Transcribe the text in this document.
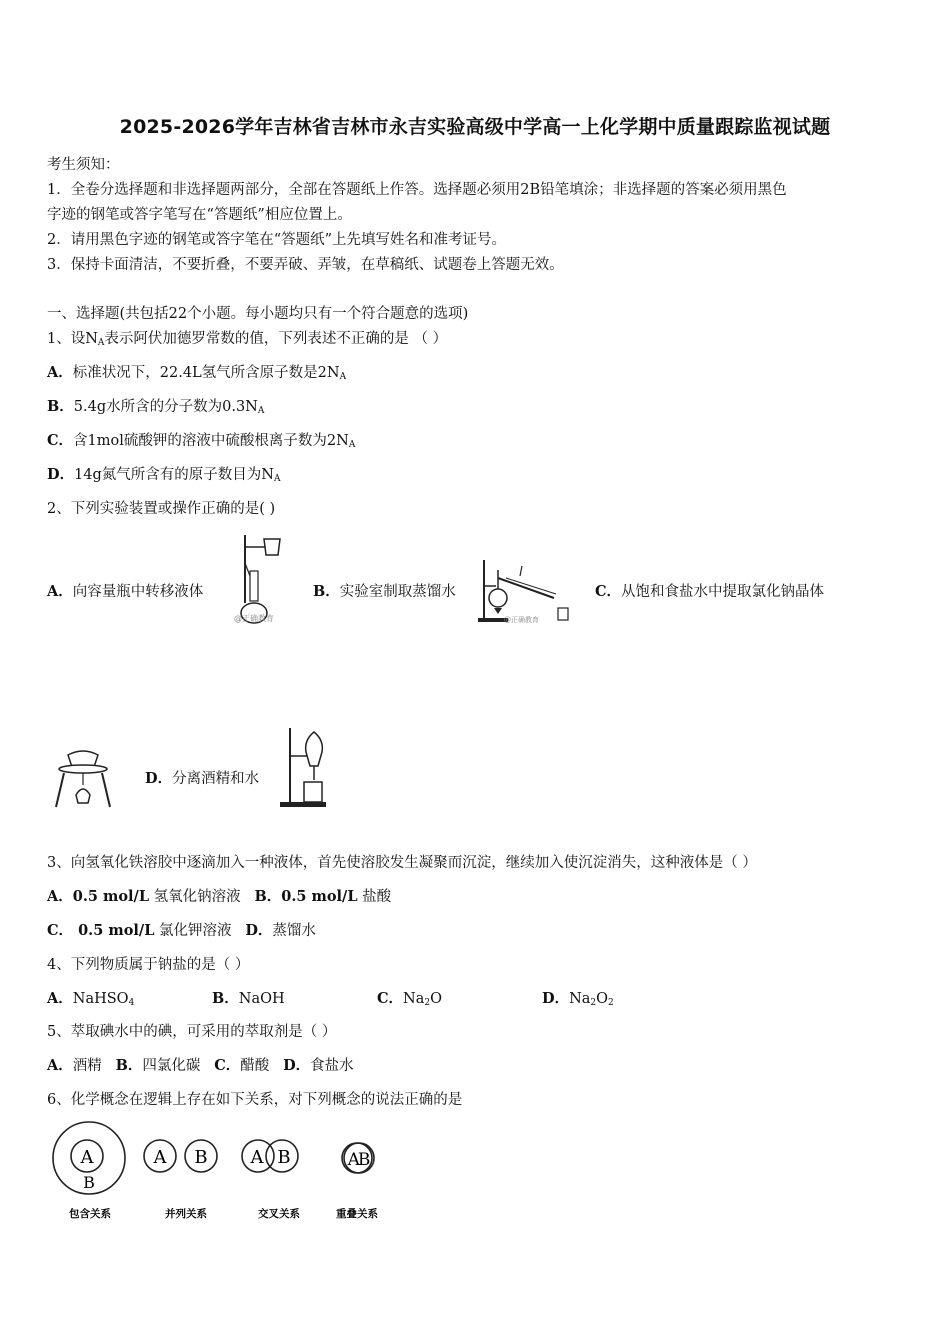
2025-2026学年吉林省吉林市永吉实验高级中学高一上化学期中质量跟踪监视试题
考生须知：
1．全卷分选择题和非选择题两部分，全部在答题纸上作答。选择题必须用2B铅笔填涂；非选择题的答案必须用黑色
字迹的钢笔或答字笔写在“答题纸”相应位置上。
2．请用黑色字迹的钢笔或答字笔在“答题纸”上先填写姓名和准考证号。
3．保持卡面清洁，不要折叠，不要弄破、弄皱，在草稿纸、试题卷上答题无效。
一、选择题(共包括22个小题。每小题均只有一个符合题意的选项)
1、设$N_A$表示阿伏加德罗常数的值，下列表述不正确的是 （ ）
A．标准状况下，22.4L氢气所含原子数是$2N_A$
B．5.4g水所含的分子数为$0.3N_A$
C．含1mol硫酸钾的溶液中硫酸根离子数为$2N_A$
D．14g氮气所含有的原子数目为$N_A$
2、下列实验装置或操作正确的是( )
A．向容量瓶中转移液体	B．实验室制取蒸馏水	C．从饱和食盐水中提取氯化钠晶体
D．分离酒精和水
@正确教育	@正确教育
3、向氢氧化铁溶胶中逐滴加入一种液体，首先使溶胶发生凝聚而沉淀，继续加入使沉淀消失，这种液体是（ ）
A．0.5 mol/L 氢氧化钠溶液 B．0.5 mol/L 盐酸
C． 0.5 mol/L 氯化钾溶液 D．蒸馏水
4、下列物质属于钠盐的是（ ）
A．NaHSO$_4$	B．NaOH	C．$Na_2O$	D．$Na_2O_2$
5、萃取碘水中的碘，可采用的萃取剂是（ ）
A．酒精 B．四氯化碳 C．醋酸 D．食盐水
6、化学概念在逻辑上存在如下关系，对下列概念的说法正确的是
A
B
A B A B	AB
包含关系	并列关系	交叉关系	重叠关系
